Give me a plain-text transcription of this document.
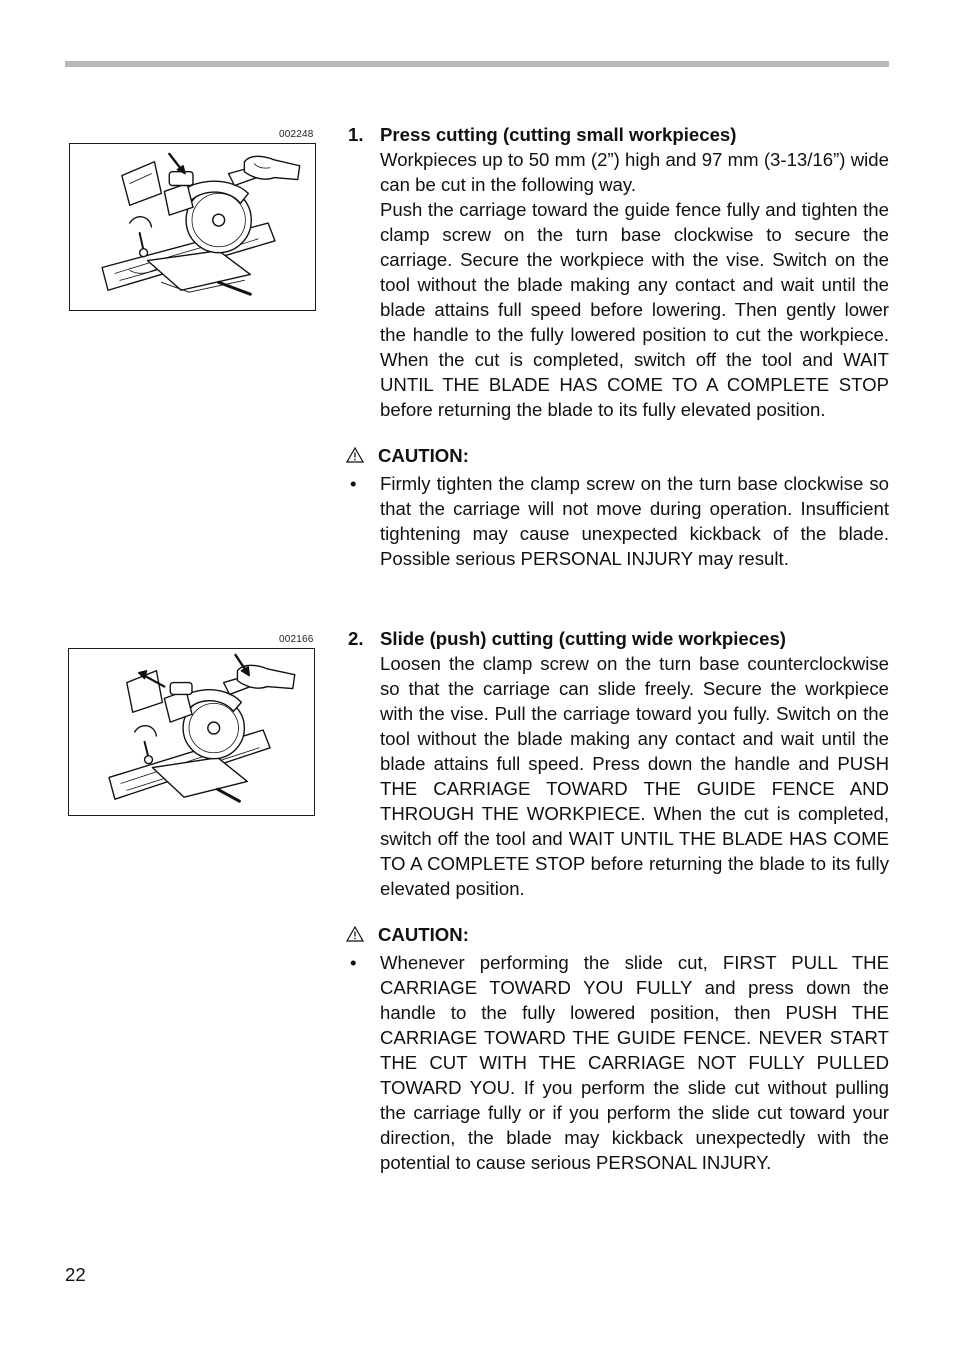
002248
002166
1. Press cutting (cutting small workpieces)
Workpieces up to 50 mm (2”) high and 97 mm (3-13/16”) wide can be cut in the following way.
Push the carriage toward the guide fence fully and tighten the clamp screw on the turn base clockwise to secure the carriage. Secure the workpiece with the vise. Switch on the tool without the blade making any contact and wait until the blade attains full speed before lowering. Then gently lower the handle to the fully lowered position to cut the workpiece. When the cut is completed, switch off the tool and WAIT UNTIL THE BLADE HAS COME TO A COMPLETE STOP before returning the blade to its fully elevated position.
CAUTION:
• Firmly tighten the clamp screw on the turn base clockwise so that the carriage will not move during operation. Insufficient tightening may cause unexpected kickback of the blade. Possible serious PERSONAL INJURY may result.
2. Slide (push) cutting (cutting wide workpieces)
Loosen the clamp screw on the turn base counterclockwise so that the carriage can slide freely. Secure the workpiece with the vise. Pull the carriage toward you fully. Switch on the tool without the blade making any contact and wait until the blade attains full speed. Press down the handle and PUSH THE CARRIAGE TOWARD THE GUIDE FENCE AND THROUGH THE WORKPIECE. When the cut is completed, switch off the tool and WAIT UNTIL THE BLADE HAS COME TO A COMPLETE STOP before returning the blade to its fully elevated position.
CAUTION:
• Whenever performing the slide cut, FIRST PULL THE CARRIAGE TOWARD YOU FULLY and press down the handle to the fully lowered position, then PUSH THE CARRIAGE TOWARD THE GUIDE FENCE. NEVER START THE CUT WITH THE CARRIAGE NOT FULLY PULLED TOWARD YOU. If you perform the slide cut without pulling the carriage fully or if you perform the slide cut toward your direction, the blade may kickback unexpectedly with the potential to cause serious PERSONAL INJURY.
22
